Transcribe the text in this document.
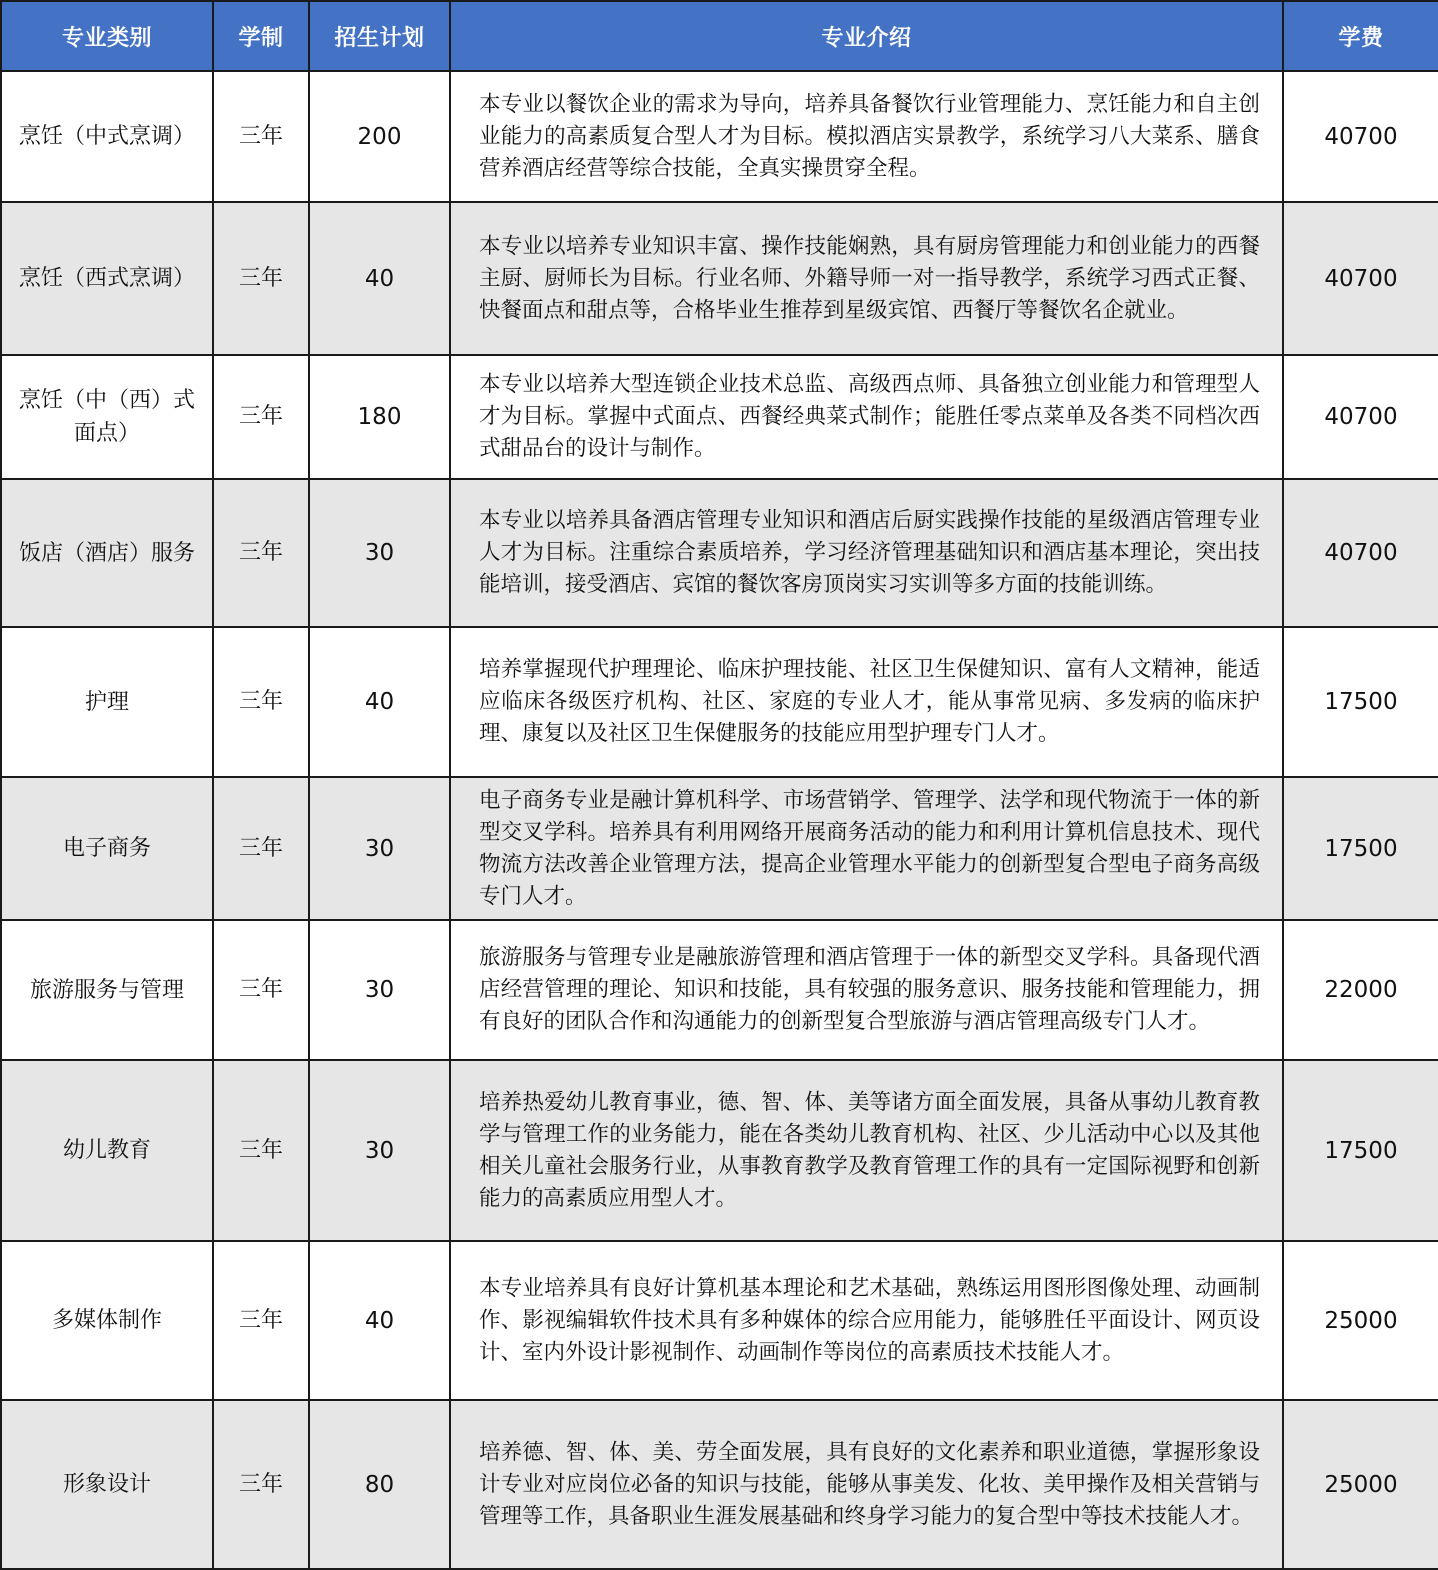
专业类别	学制	招生计划	专业介绍	学费
烹饪（中式烹调）	三年	200	本专业以餐饮企业的需求为导向，培养具备餐饮行业管理能力、烹饪能力和自主创业能力的高素质复合型人才为目标。模拟酒店实景教学，系统学习八大菜系、膳食营养酒店经营等综合技能，全真实操贯穿全程。	40700
烹饪（西式烹调）	三年	40	本专业以培养专业知识丰富、操作技能娴熟，具有厨房管理能力和创业能力的西餐主厨、厨师长为目标。行业名师、外籍导师一对一指导教学，系统学习西式正餐、快餐面点和甜点等，合格毕业生推荐到星级宾馆、西餐厅等餐饮名企就业。	40700
烹饪（中（西）式面点）	三年	180	本专业以培养大型连锁企业技术总监、高级西点师、具备独立创业能力和管理型人才为目标。掌握中式面点、西餐经典菜式制作；能胜任零点菜单及各类不同档次西式甜品台的设计与制作。	40700
饭店（酒店）服务	三年	30	本专业以培养具备酒店管理专业知识和酒店后厨实践操作技能的星级酒店管理专业人才为目标。注重综合素质培养，学习经济管理基础知识和酒店基本理论，突出技能培训，接受酒店、宾馆的餐饮客房顶岗实习实训等多方面的技能训练。	40700
护理	三年	40	培养掌握现代护理理论、临床护理技能、社区卫生保健知识、富有人文精神，能适应临床各级医疗机构、社区、家庭的专业人才，能从事常见病、多发病的临床护理、康复以及社区卫生保健服务的技能应用型护理专门人才。	17500
电子商务	三年	30	电子商务专业是融计算机科学、市场营销学、管理学、法学和现代物流于一体的新型交叉学科。培养具有利用网络开展商务活动的能力和利用计算机信息技术、现代物流方法改善企业管理方法，提高企业管理水平能力的创新型复合型电子商务高级专门人才。	17500
旅游服务与管理	三年	30	旅游服务与管理专业是融旅游管理和酒店管理于一体的新型交叉学科。具备现代酒店经营管理的理论、知识和技能，具有较强的服务意识、服务技能和管理能力，拥有良好的团队合作和沟通能力的创新型复合型旅游与酒店管理高级专门人才。	22000
幼儿教育	三年	30	培养热爱幼儿教育事业，德、智、体、美等诸方面全面发展，具备从事幼儿教育教学与管理工作的业务能力，能在各类幼儿教育机构、社区、少儿活动中心以及其他相关儿童社会服务行业，从事教育教学及教育管理工作的具有一定国际视野和创新能力的高素质应用型人才。	17500
多媒体制作	三年	40	本专业培养具有良好计算机基本理论和艺术基础，熟练运用图形图像处理、动画制作、影视编辑软件技术具有多种媒体的综合应用能力，能够胜任平面设计、网页设计、室内外设计影视制作、动画制作等岗位的高素质技术技能人才。	25000
形象设计	三年	80	培养德、智、体、美、劳全面发展，具有良好的文化素养和职业道德，掌握形象设计专业对应岗位必备的知识与技能，能够从事美发、化妆、美甲操作及相关营销与管理等工作，具备职业生涯发展基础和终身学习能力的复合型中等技术技能人才。	25000
